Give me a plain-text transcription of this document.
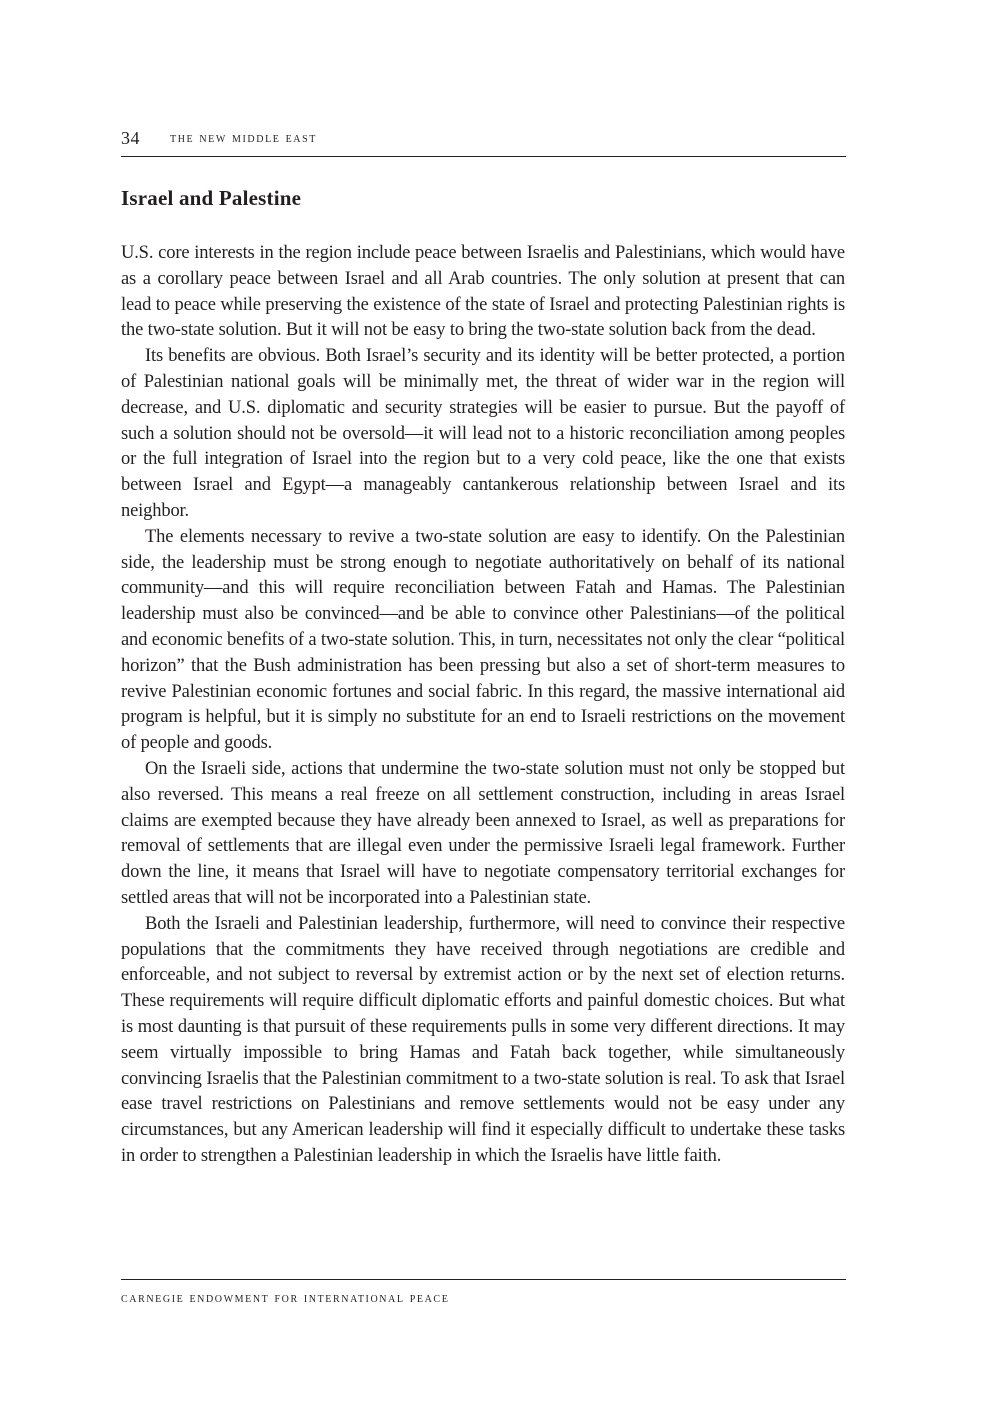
34 the new middle east
Israel and Palestine

U.S. core interests in the region include peace between Israelis and Palestinians, which would have as a corollary peace between Israel and all Arab countries. The only solution at present that can lead to peace while preserving the existence of the state of Israel and protecting Palestinian rights is the two-state solution. But it will not be easy to bring the two-state solution back from the dead.

Its benefits are obvious. Both Israel’s security and its identity will be better protected, a portion of Palestinian national goals will be minimally met, the threat of wider war in the region will decrease, and U.S. diplomatic and security strategies will be easier to pursue. But the payoff of such a solution should not be oversold—it will lead not to a historic reconciliation among peoples or the full integration of Israel into the region but to a very cold peace, like the one that exists between Israel and Egypt—a manageably cantankerous relationship between Israel and its neighbor.

The elements necessary to revive a two-state solution are easy to identify. On the Palestinian side, the leadership must be strong enough to negotiate authoritatively on behalf of its national community—and this will require reconciliation between Fatah and Hamas. The Palestinian leadership must also be convinced—and be able to convince other Palestinians—of the political and economic benefits of a two-state solution. This, in turn, necessitates not only the clear “political horizon” that the Bush administration has been pressing but also a set of short-term measures to revive Palestinian economic fortunes and social fabric. In this regard, the massive international aid program is helpful, but it is simply no substitute for an end to Israeli restrictions on the movement of people and goods.

On the Israeli side, actions that undermine the two-state solution must not only be stopped but also reversed. This means a real freeze on all settlement construction, including in areas Israel claims are exempted because they have already been annexed to Israel, as well as preparations for removal of settlements that are illegal even under the permissive Israeli legal framework. Further down the line, it means that Israel will have to negotiate compensatory territorial exchanges for settled areas that will not be incorporated into a Palestinian state.

Both the Israeli and Palestinian leadership, furthermore, will need to convince their respective populations that the commitments they have received through negotiations are credible and enforceable, and not subject to reversal by extremist action or by the next set of election returns. These requirements will require difficult diplomatic efforts and painful domestic choices. But what is most daunting is that pursuit of these requirements pulls in some very different directions. It may seem virtually impossible to bring Hamas and Fatah back together, while simultaneously convincing Israelis that the Palestinian commitment to a two-state solution is real. To ask that Israel ease travel restrictions on Palestinians and remove settlements would not be easy under any circumstances, but any American leadership will find it especially difficult to undertake these tasks in order to strengthen a Palestinian leadership in which the Israelis have little faith.

carnegie endowment for international peace
